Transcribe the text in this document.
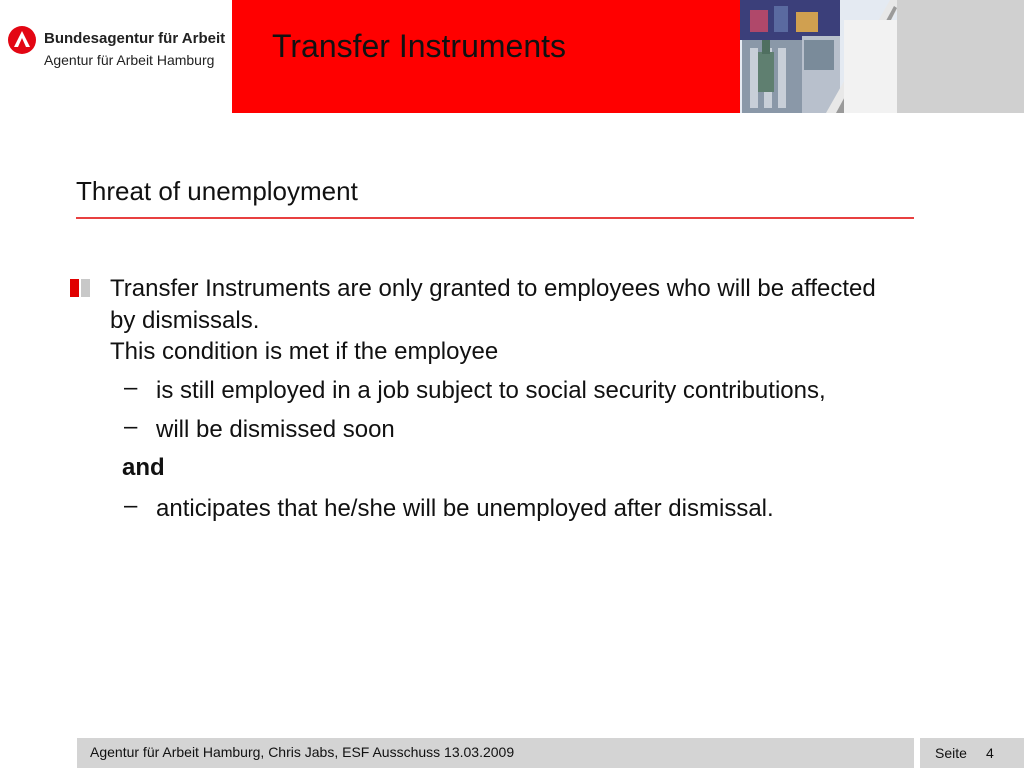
Bundesagentur für Arbeit
Agentur für Arbeit Hamburg Transfer Instruments
Threat of unemployment
Transfer Instruments are only granted to employees who will be affected
by dismissals.
This condition is met if the employee
– is still employed in a job subject to social security contributions,
– will be dismissed soon
and
– anticipates that he/she will be unemployed after dismissal.
Agentur für Arbeit Hamburg, Chris Jabs, ESF Ausschuss 13.03.2009	Seite 4
